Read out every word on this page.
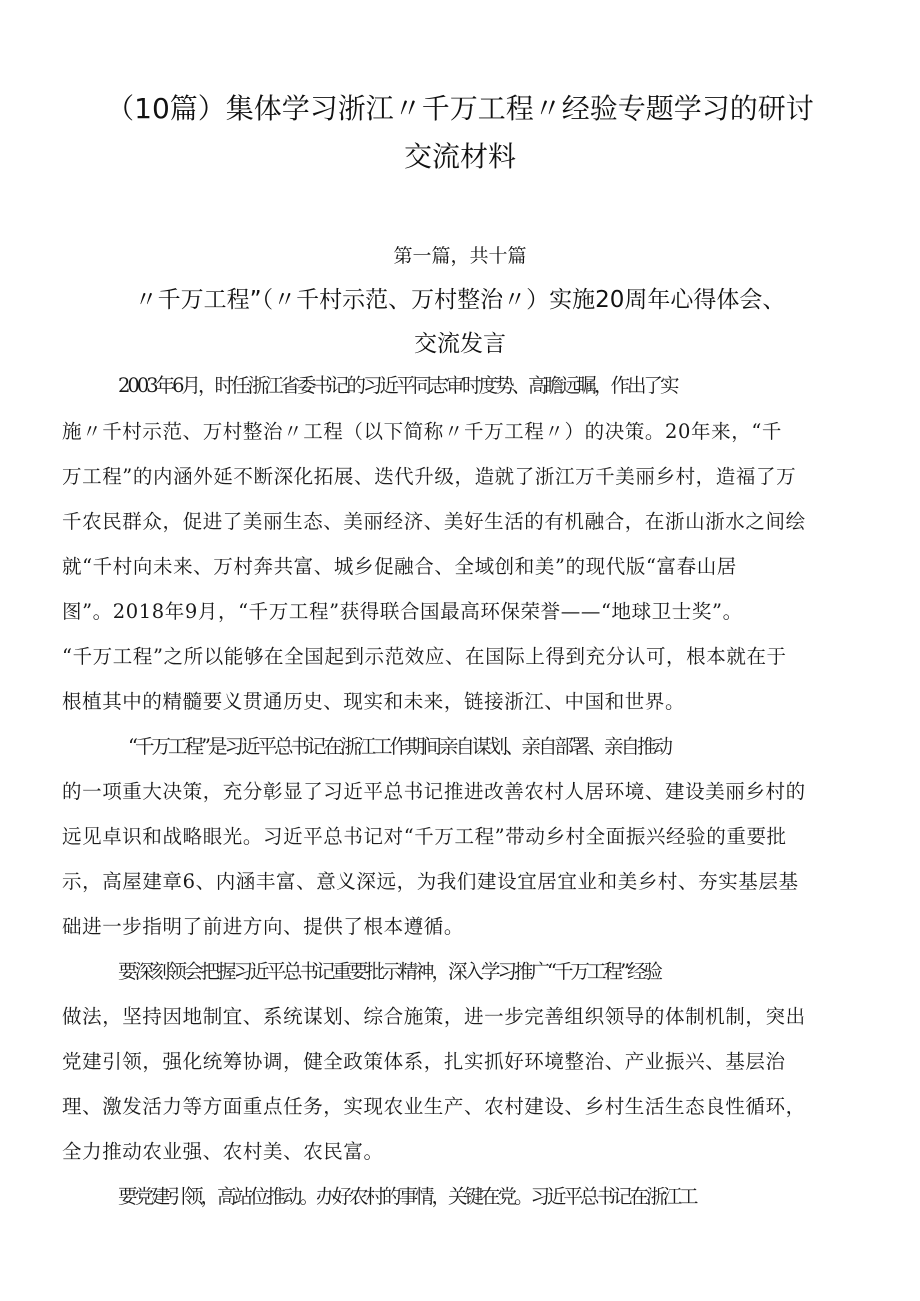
（10篇）集体学习浙江〃千万工程〃经验专题学习的研讨
交流材料
第一篇，共十篇
〃千万工程”（〃千村示范、万村整治〃）实施20周年心得体会、
交流发言
2003年6月，时任浙江省委书记的习近平同志审时度势、高瞻远瞩，作出了实
施〃千村示范、万村整治〃工程（以下简称〃千万工程〃）的决策。20年来，“千
万工程”的内涵外延不断深化拓展、迭代升级，造就了浙江万千美丽乡村，造福了万
千农民群众，促进了美丽生态、美丽经济、美好生活的有机融合，在浙山浙水之间绘
就“千村向未来、万村奔共富、城乡促融合、全域创和美”的现代版“富春山居
图”。2018年9月，“千万工程”获得联合国最高环保荣誉——“地球卫士奖”。
“千万工程”之所以能够在全国起到示范效应、在国际上得到充分认可，根本就在于
根植其中的精髓要义贯通历史、现实和未来，链接浙江、中国和世界。
“千万工程”是习近平总书记在浙江工作期间亲自谋划、亲自部署、亲自推动
的一项重大决策，充分彰显了习近平总书记推进改善农村人居环境、建设美丽乡村的
远见卓识和战略眼光。习近平总书记对“千万工程”带动乡村全面振兴经验的重要批
示，高屋建章6、内涵丰富、意义深远，为我们建设宜居宜业和美乡村、夯实基层基
础进一步指明了前进方向、提供了根本遵循。
要深刻领会把握习近平总书记重要批示精神，深入学习推广“千万工程”经验
做法，坚持因地制宜、系统谋划、综合施策，进一步完善组织领导的体制机制，突出
党建引领，强化统筹协调，健全政策体系，扎实抓好环境整治、产业振兴、基层治
理、激发活力等方面重点任务，实现农业生产、农村建设、乡村生活生态良性循环，
全力推动农业强、农村美、农民富。
要党建引领，高站位推动。办好农村的事情，关键在党。习近平总书记在浙江工
